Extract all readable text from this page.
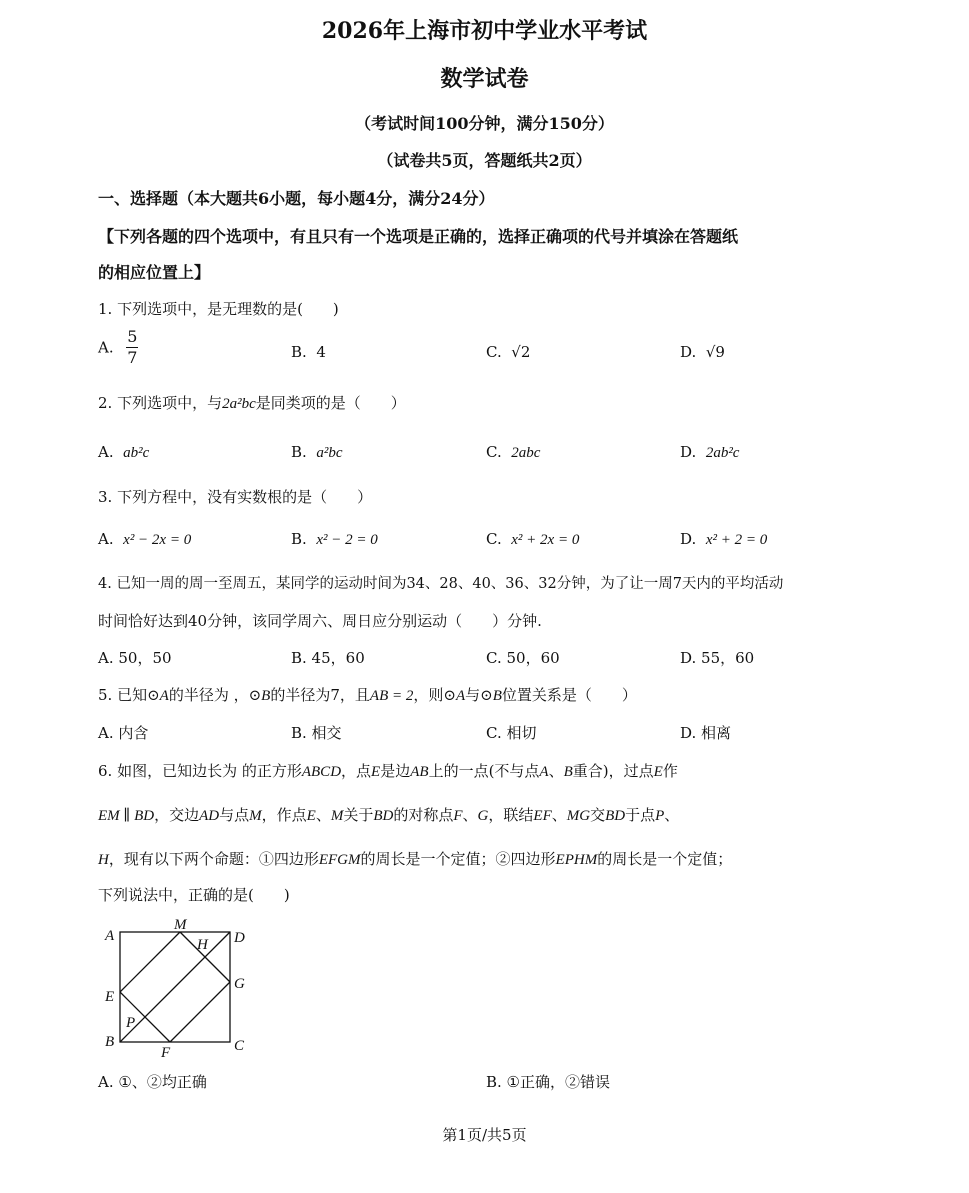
2026年上海市初中学业水平考试
数学试卷
（考试时间100分钟，满分150分）
（试卷共5页，答题纸共2页）
一、选择题（本大题共6小题，每小题4分，满分24分）
【下列各题的四个选项中，有且只有一个选项是正确的，选择正确项的代号并填涂在答题纸
的相应位置上】
1. 下列选项中，是无理数的是(　　)
A. $\frac{5}{7}$	B. 4	C. √2	D. √9
2. 下列选项中，与2a²bc是同类项的是（　　）
A. ab²c	B. a²bc	C. 2abc	D. 2ab²c
3. 下列方程中，没有实数根的是（　　）
A. x² − 2x = 0	B. x² − 2 = 0	C. x² + 2x = 0	D. x² + 2 = 0
4. 已知一周的周一至周五，某同学的运动时间为34、28、40、36、32分钟，为了让一周7天内的平均活动
时间恰好达到40分钟，该同学周六、周日应分别运动（　　）分钟.
A. 50，50	B. 45，60	C. 50，60	D. 55，60
5. 已知⊙A的半径为 ，⊙B的半径为7，且AB = 2，则⊙A与⊙B位置关系是（　　）
A. 内含	B. 相交	C. 相切	D. 相离
6. 如图，已知边长为 的正方形ABCD，点E是边AB上的一点(不与点A、B重合)，过点E作
EM ∥ BD，交边AD与点M，作点E、M关于BD的对称点F、G，联结EF、MG交BD于点P、
H，现有以下两个命题：①四边形EFGM的周长是一个定值；②四边形EPHM的周长是一个定值；
下列说法中，正确的是(　　)
A
M
H D
E
G
P
B
F	C
A. ①、②均正确	B. ①正确，②错误
第1页/共5页
